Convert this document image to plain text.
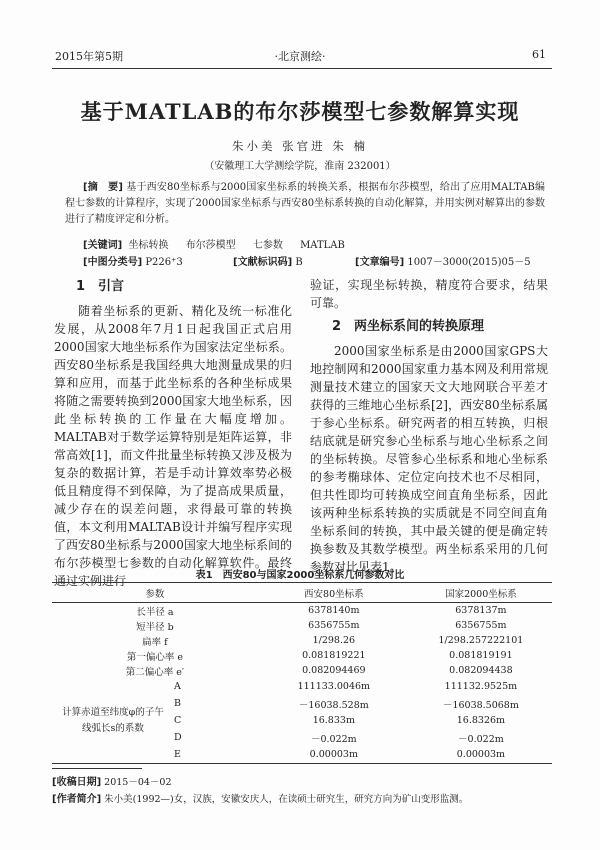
2015年第5期	·北京测绘·	61
基于MATLAB的布尔莎模型七参数解算实现
朱小美 张官进 朱 楠
（安徽理工大学测绘学院，淮南 232001）
[摘　要] 基于西安80坐标系与2000国家坐标系的转换关系，根据布尔莎模型，给出了应用MALTAB编程七参数的计算程序，实现了2000国家坐标系与西安80坐标系转换的自动化解算，并用实例对解算出的参数进行了精度评定和分析。
[关键词] 坐标转换 布尔莎模型 七参数 MATLAB
[中图分类号] P226⁺3	[文献标识码] B	[文章编号] 1007－3000(2015)05－5
1　引言

随着坐标系的更新、精化及统一标准化发展，从2008年7月1日起我国正式启用2000国家大地坐标系作为国家法定坐标系。西安80坐标系是我国经典大地测量成果的归算和应用，而基于此坐标系的各种坐标成果将随之需要转换到2000国家大地坐标系，因此坐标转换的工作量在大幅度增加。MALTAB对于数学运算特别是矩阵运算，非常高效[1]，而文件批量坐标转换又涉及极为复杂的数据计算，若是手动计算效率势必极低且精度得不到保障，为了提高成果质量，减少存在的误差问题，求得最可靠的转换值，本文利用MALTAB设计并编写程序实现了西安80坐标系与2000国家大地坐标系间的布尔莎模型七参数的自动化解算软件。最终通过实例进行

验证，实现坐标转换，精度符合要求，结果可靠。
2　两坐标系间的转换原理

2000国家坐标系是由2000国家GPS大地控制网和2000国家重力基本网及利用常规测量技术建立的国家天文大地网联合平差才获得的三维地心坐标系[2]，西安80坐标系属于参心坐标系。研究两者的相互转换，归根结底就是研究参心坐标系与地心坐标系之间的坐标转换。尽管参心坐标系和地心坐标系的参考椭球体、定位定向技术也不尽相同，但共性即均可转换成空间直角坐标系，因此该两种坐标系转换的实质就是不同空间直角坐标系间的转换，其中最关键的便是确定转换参数及其数学模型。两坐标系采用的几何参数对比见表1。

表1　西安80与国家2000坐标系几何参数对比
参数		西安80坐标系	国家2000坐标系
长半径 a		6378140m	6378137m
短半径 b		6356755m	6356755m
扁率 f		1/298.26	1/298.257222101
第一偏心率 e		0.081819221	0.081819191
第二偏心率 e′		0.082094469	0.082094438
计算赤道至纬度φ的子午线弧长s的系数	A	111133.0046m	111132.9525m
	B	－16038.528m	－16038.5068m
	C	16.833m	16.8326m
	D	－0.022m	－0.022m
	E	0.00003m	0.00003m
[收稿日期] 2015－04－02
[作者简介] 朱小美(1992—)女，汉族，安徽安庆人，在读硕士研究生，研究方向为矿山变形监测。
